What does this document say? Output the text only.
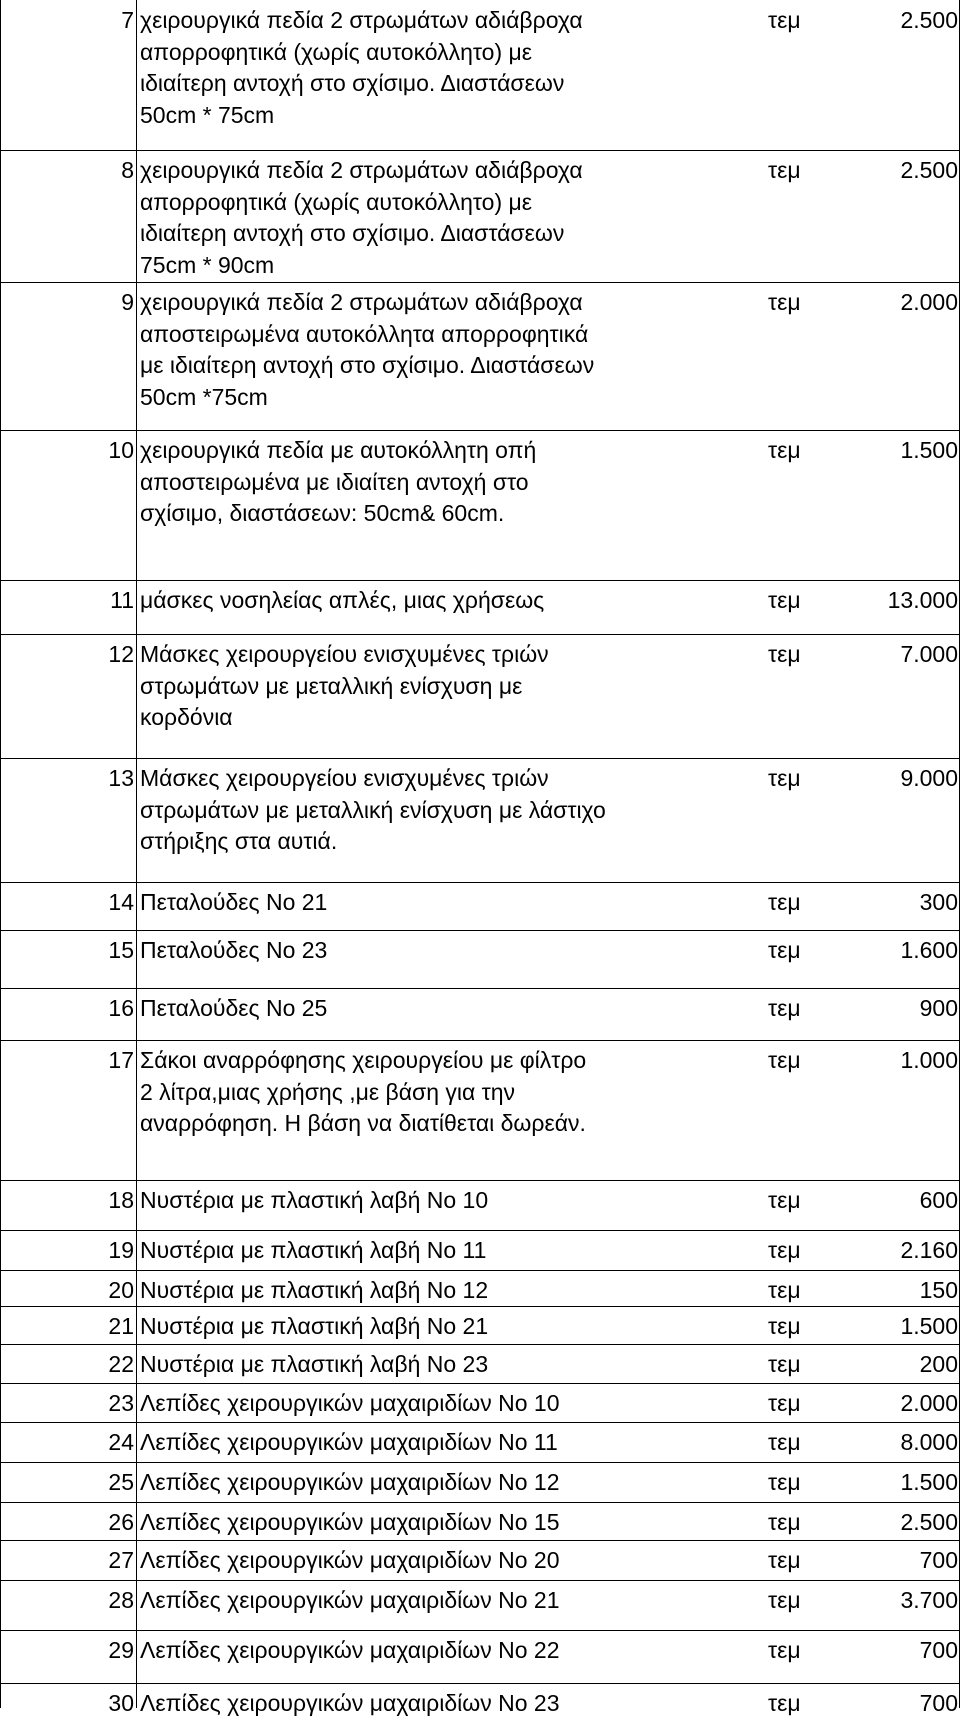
7 χειρουργικά πεδία 2 στρωμάτων αδιάβροχα
απορροφητικά (χωρίς αυτοκόλλητο) με
ιδιαίτερη αντοχή στο σχίσιμο. Διαστάσεων
50cm * 75cm
τεμ	2.500
8 χειρουργικά πεδία 2 στρωμάτων αδιάβροχα
απορροφητικά (χωρίς αυτοκόλλητο) με
ιδιαίτερη αντοχή στο σχίσιμο. Διαστάσεων
75cm * 90cm
τεμ	2.500
9 χειρουργικά πεδία 2 στρωμάτων αδιάβροχα
αποστειρωμένα αυτοκόλλητα απορροφητικά
με ιδιαίτερη αντοχή στο σχίσιμο. Διαστάσεων
50cm *75cm
τεμ	2.000
10 χειρουργικά πεδία με αυτοκόλλητη οπή
αποστειρωμένα με ιδιαίτεη αντοχή στο
σχίσιμο, διαστάσεων: 50cm& 60cm.
τεμ	1.500
11 μάσκες νοσηλείας απλές, μιας χρήσεως	τεμ	13.000
12 Μάσκες χειρουργείου ενισχυμένες τριών
στρωμάτων με μεταλλική ενίσχυση με
κορδόνια
τεμ	7.000
13 Μάσκες χειρουργείου ενισχυμένες τριών
στρωμάτων με μεταλλική ενίσχυση με λάστιχο
στήριξης στα αυτιά.
τεμ	9.000
14 Πεταλούδες Νο 21	τεμ	300
15 Πεταλούδες Νο 23	τεμ	1.600
16 Πεταλούδες Νο 25	τεμ	900
17 Σάκοι αναρρόφησης χειρουργείου με φίλτρο
2 λίτρα,μιας χρήσης ,με βάση για την
αναρρόφηση. Η βάση να διατίθεται δωρεάν.
τεμ	1.000
18 Νυστέρια με πλαστική λαβή Νο 10	τεμ	600
19 Νυστέρια με πλαστική λαβή Νο 11	τεμ	2.160
20 Νυστέρια με πλαστική λαβή Νο 12	τεμ	150
21 Νυστέρια με πλαστική λαβή Νο 21	τεμ	1.500
22 Νυστέρια με πλαστική λαβή Νο 23	τεμ	200
23 Λεπίδες χειρουργικών μαχαιριδίων Νο 10	τεμ	2.000
24 Λεπίδες χειρουργικών μαχαιριδίων Νο 11	τεμ	8.000
25 Λεπίδες χειρουργικών μαχαιριδίων Νο 12	τεμ	1.500
26 Λεπίδες χειρουργικών μαχαιριδίων Νο 15	τεμ	2.500
27 Λεπίδες χειρουργικών μαχαιριδίων Νο 20	τεμ	700
28 Λεπίδες χειρουργικών μαχαιριδίων Νο 21	τεμ	3.700
29 Λεπίδες χειρουργικών μαχαιριδίων Νο 22	τεμ	700
30 Λεπίδες χειρουργικών μαχαιριδίων Νο 23	τεμ	700
